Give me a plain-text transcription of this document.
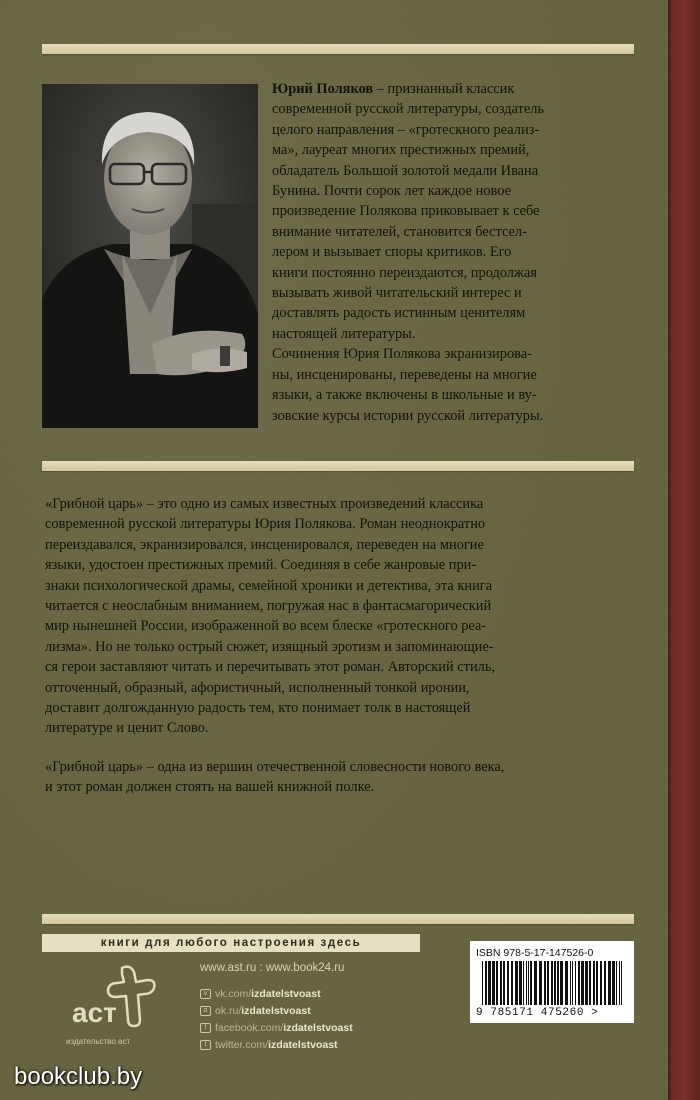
Юрий Поляков – признанный классик

современной русской литературы, создатель

целого направления – «гротескного реализ-

ма», лауреат многих престижных премий,

обладатель Большой золотой медали Ивана

Бунина. Почти сорок лет каждое новое

произведение Полякова приковывает к себе

внимание читателей, становится бестсел-

лером и вызывает споры критиков. Его

книги постоянно переиздаются, продолжая

вызывать живой читательский интерес и

доставлять радость истинным ценителям

настоящей литературы.

Сочинения Юрия Полякова экранизирова-

ны, инсценированы, переведены на многие

языки, а также включены в школьные и ву-

зовские курсы истории русской литературы.

«Грибной царь» – это одно из самых известных произведений классика
современной русской литературы Юрия Полякова. Роман неоднократно
переиздавался, экранизировался, инсценировался, переведен на многие
языки, удостоен престижных премий. Соединяя в себе жанровые при-
знаки психологической драмы, семейной хроники и детектива, эта книга
читается с неослабным вниманием, погружая нас в фантасмагорический
мир нынешней России, изображенной во всем блеске «гротескного реа-
лизма». Но не только острый сюжет, изящный эротизм и запоминающие-
ся герои заставляют читать и перечитывать этот роман. Авторский стиль,
отточенный, образный, афористичный, исполненный тонкой иронии,
доставит долгожданную радость тем, кто понимает толк в настоящей
литературе и ценит Слово.

«Грибной царь» – одна из вершин отечественной словесности нового века,
и этот роман должен стоять на вашей книжной полке.

книги для любого настроения здесь
аст
издательство аст
www.ast.ru : www.book24.ru
v vk.com/izdatelstvoast
o ok.ru/izdatelstvoast
f facebook.com/izdatelstvoast
t twitter.com/izdatelstvoast
ISBN 978-5-17-147526-0
9 785171 475260 >
bookclub.by
